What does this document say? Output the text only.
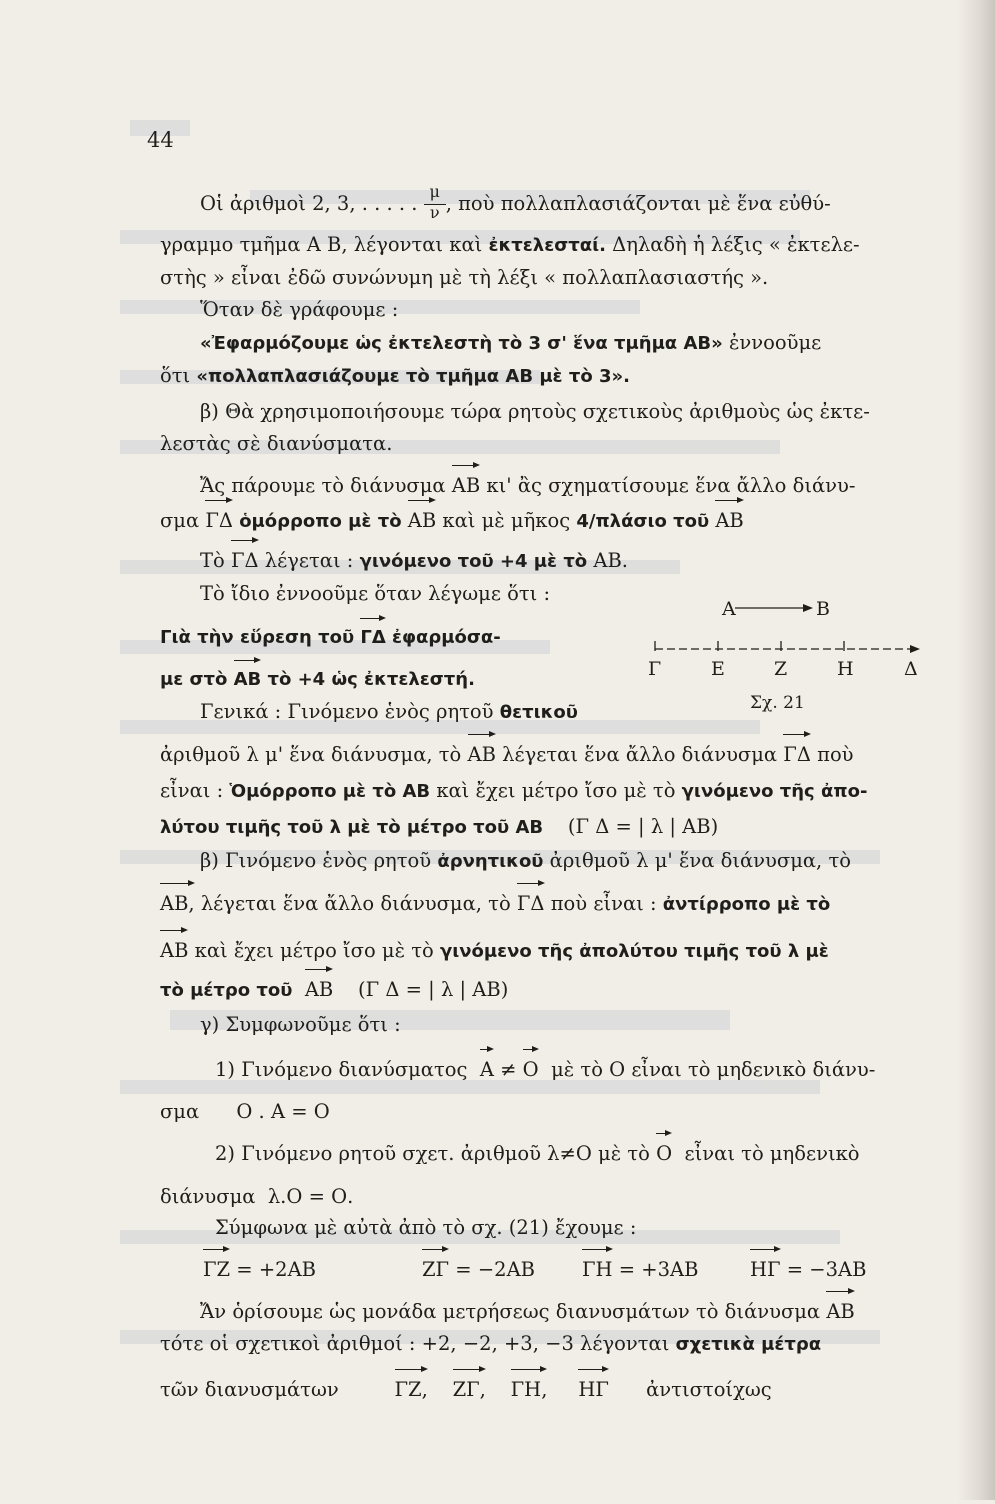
44
Οἱ ἀριθμοὶ 2, 3, . . . . . $\frac{\mu}{\nu}$ , ποὺ πολλαπλασιάζονται μὲ ἕνα εὐθύ-
γραμμο τμῆμα Α Β, λέγονται καὶ ἐκτελεσταί. Δηλαδὴ ἡ λέξις « ἐκτελε-
στὴς » εἶναι ἐδῶ συνώνυμη μὲ τὴ λέξι « πολλαπλασιαστής ».
Ὅταν δὲ γράφουμε :
«Ἐφαρμόζουμε ὡς ἐκτελεστὴ τὸ 3 σ' ἕνα τμῆμα ΑΒ» ἐννοοῦμε
ὅτι «πολλαπλασιάζουμε τὸ τμῆμα ΑΒ μὲ τὸ 3».
β) Θὰ χρησιμοποιήσουμε τώρα ρητοὺς σχετικοὺς ἀριθμοὺς ὡς ἐκτε-
λεστὰς σὲ διανύσματα.
Ἄς πάρουμε τὸ διάνυσμα ΑΒ κι' ἂς σχηματίσουμε ἕνα ἄλλο διάνυ-
σμα ΓΔ ὁμόρροπο μὲ τὸ ΑΒ καὶ μὲ μῆκος 4/πλάσιο τοῦ ΑΒ
Τὸ ΓΔ λέγεται : γινόμενο τοῦ +4 μὲ τὸ ΑΒ.
Τὸ ἴδιο ἐννοοῦμε ὅταν λέγωμε ὅτι :
Γιὰ τὴν εὕρεση τοῦ ΓΔ ἐφαρμόσα-
με στὸ ΑΒ τὸ +4 ὡς ἐκτελεστή.
Α	Β
Γ	Ε	Ζ	Η	Δ
Σχ. 21
Γενικά : Γινόμενο ἑνὸς ρητοῦ θετικοῦ
ἀριθμοῦ λ μ' ἕνα διάνυσμα, τὸ ΑΒ λέγεται ἕνα ἄλλο διάνυσμα ΓΔ ποὺ
εἶναι : Ὁμόρροπο μὲ τὸ ΑΒ καὶ ἔχει μέτρο ἴσο μὲ τὸ γινόμενο τῆς ἀπο-
λύτου τιμῆς τοῦ λ μὲ τὸ μέτρο τοῦ ΑΒ (Γ Δ = | λ | ΑΒ)
β) Γινόμενο ἑνὸς ρητοῦ ἀρνητικοῦ ἀριθμοῦ λ μ' ἕνα διάνυσμα, τὸ
ΑΒ, λέγεται ἕνα ἄλλο διάνυσμα, τὸ ΓΔ ποὺ εἶναι : ἀντίρροπο μὲ τὸ
ΑΒ καὶ ἔχει μέτρο ἴσο μὲ τὸ γινόμενο τῆς ἀπολύτου τιμῆς τοῦ λ μὲ
τὸ μέτρο τοῦ ΑΒ (Γ Δ = | λ | ΑΒ)
γ) Συμφωνοῦμε ὅτι :
1) Γινόμενο διανύσματος Α ≠ Ο μὲ τὸ Ο εἶναι τὸ μηδενικὸ διάνυ-
σμα Ο . Α = Ο
2) Γινόμενο ρητοῦ σχετ. ἀριθμοῦ λ≠Ο μὲ τὸ Ο εἶναι τὸ μηδενικὸ
διάνυσμα λ.Ο = Ο.
Σύμφωνα μὲ αὐτὰ ἀπὸ τὸ σχ. (21) ἔχουμε :
ΓΖ = +2ΑΒ	ΖΓ = −2ΑΒ ΓΗ = +3ΑΒ	ΗΓ = −3ΑΒ
Ἄν ὁρίσουμε ὡς μονάδα μετρήσεως διανυσμάτων τὸ διάνυσμα ΑΒ
τότε οἱ σχετικοὶ ἀριθμοί : +2, −2, +3, −3 λέγονται σχετικὰ μέτρα
τῶν διανυσμάτων	ΓΖ, ΖΓ, ΓΗ, ΗΓ ἀντιστοίχως
